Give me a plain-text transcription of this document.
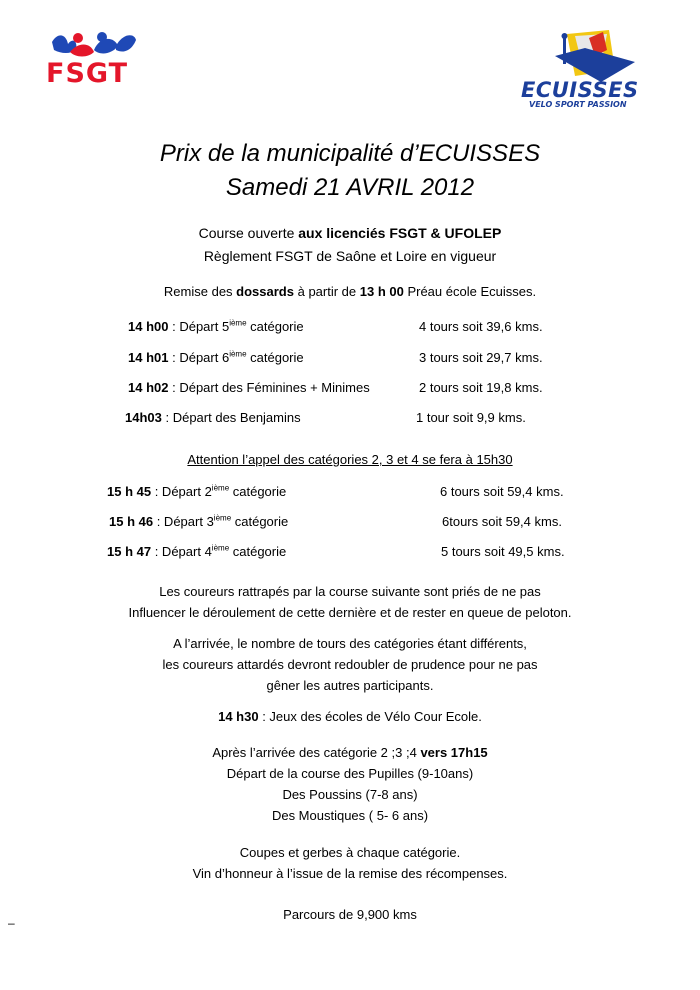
FSGT
ECUISSES
VELO SPORT PASSION
Prix de la municipalité d’ECUISSES
Samedi 21 AVRIL 2012
Course ouverte aux licenciés FSGT & UFOLEP
Règlement FSGT de Saône et Loire en vigueur
Remise des dossards à partir de 13 h 00 Préau école Ecuisses.
14 h00 : Départ 5ième catégorie	4 tours soit 39,6 kms.
14 h01 : Départ 6ième catégorie	3 tours soit 29,7 kms.
14 h02 : Départ des Féminines + Minimes	2 tours soit 19,8 kms.
14h03 : Départ des Benjamins	1 tour soit 9,9 kms.
Attention l’appel des catégories 2, 3 et 4 se fera à 15h30
15 h 45 : Départ 2ième catégorie	6 tours soit 59,4 kms.
15 h 46 : Départ 3ième catégorie	6tours soit 59,4 kms.
15 h 47 : Départ 4ième catégorie	5 tours soit 49,5 kms.
Les coureurs rattrapés par la course suivante sont priés de ne pas
Influencer le déroulement de cette dernière et de rester en queue de peloton.
A l’arrivée, le nombre de tours des catégories étant différents,
les coureurs attardés devront redoubler de prudence pour ne pas
gêner les autres participants.
14 h30 : Jeux des écoles de Vélo Cour Ecole.
Après l’arrivée des catégorie 2 ;3 ;4 vers 17h15
Départ de la course des Pupilles (9-10ans)
Des Poussins (7-8 ans)
Des Moustiques ( 5- 6 ans)
Coupes et gerbes à chaque catégorie.
Vin d’honneur à l’issue de la remise des récompenses.
Parcours de 9,900 kms
–
